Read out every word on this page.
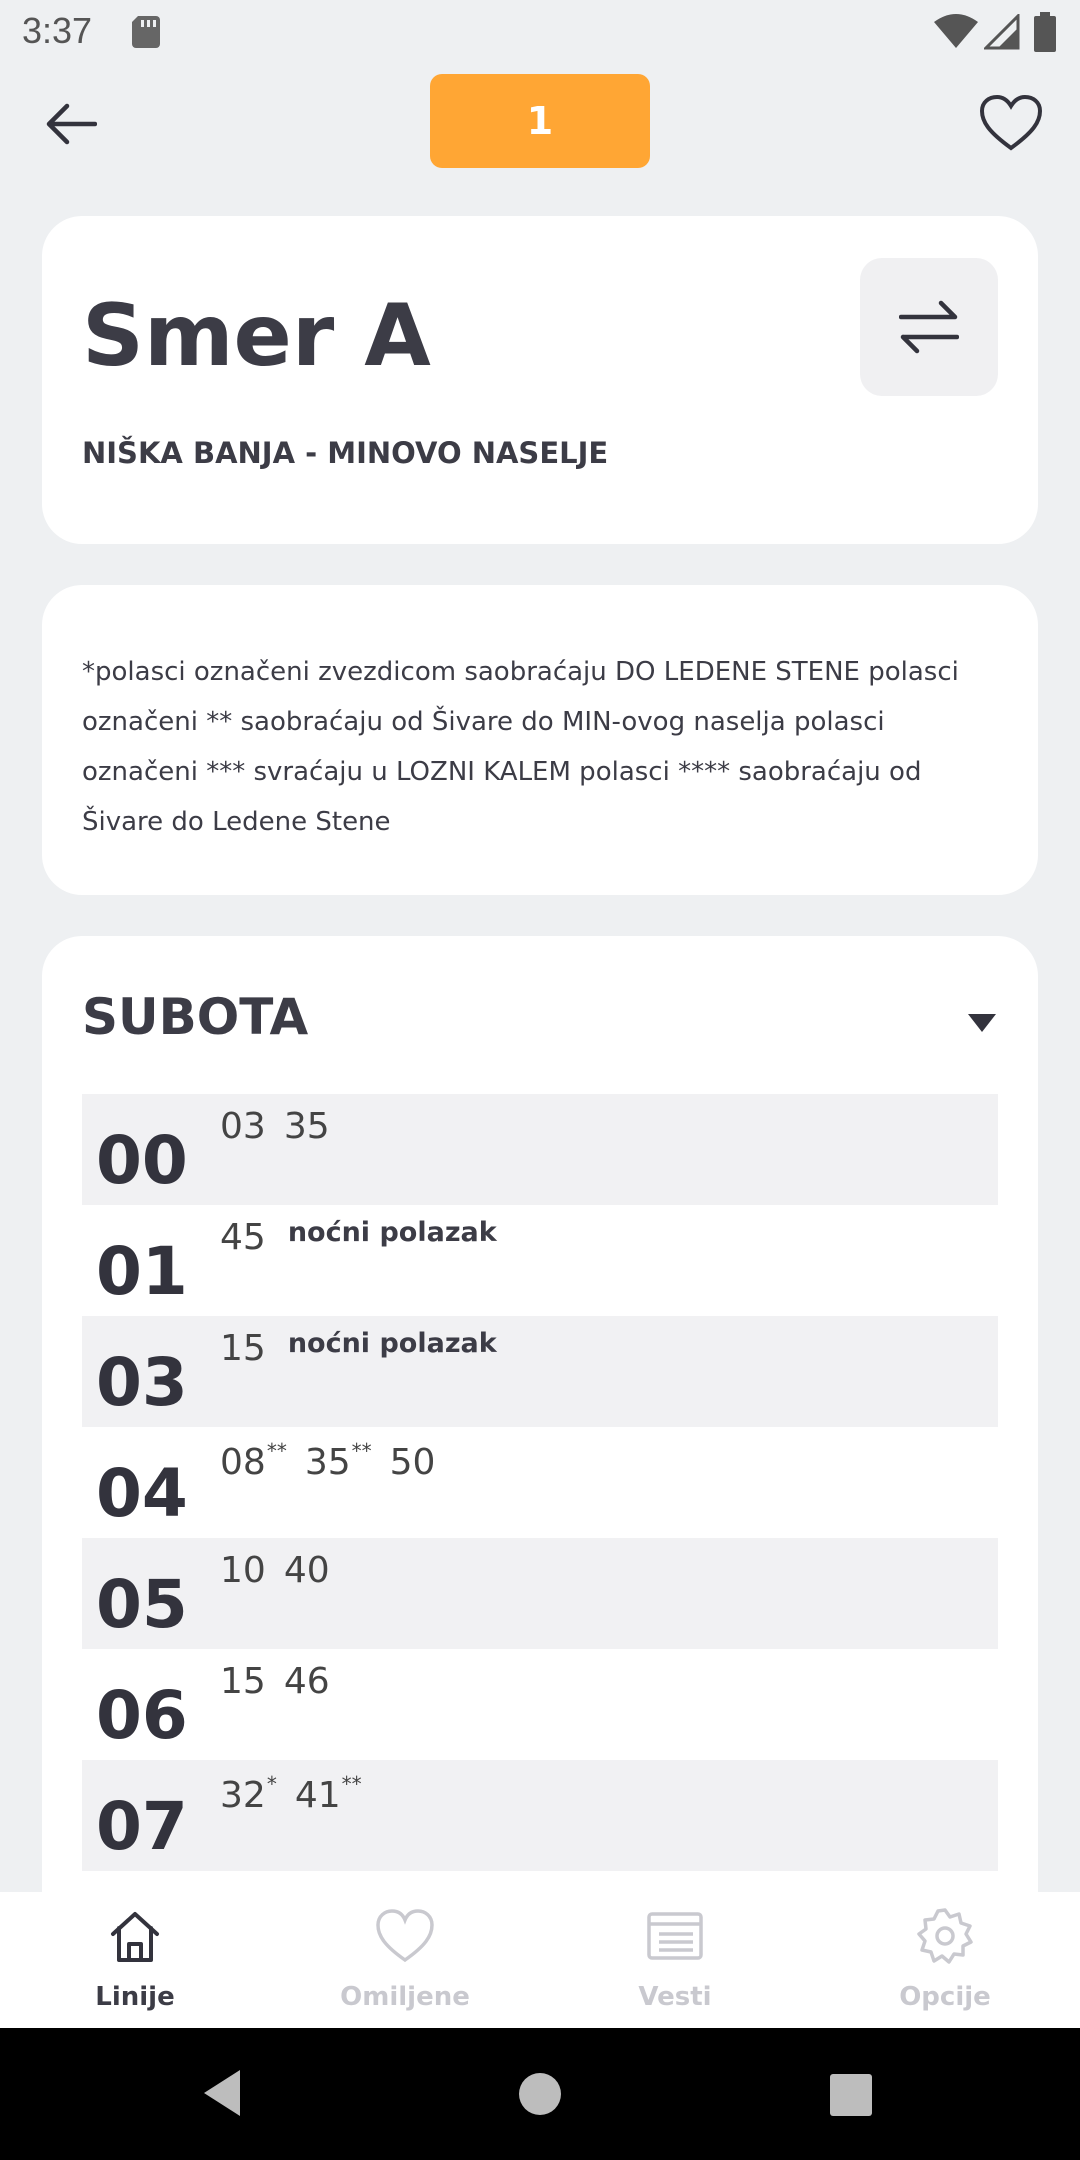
3:37
1
Smer A
NIŠKA BANJA - MINOVO NASELJE
*polasci označeni zvezdicom saobraćaju DO LEDENE STENE polasci označeni ** saobraćaju od Šivare do MIN-ovog naselja polasci označeni *** svraćaju u LOZNI KALEM polasci **** saobraćaju od Šivare do Ledene Stene
SUBOTA
00 03 35
01 45 $^{noćni polazak}$
03 15 $^{noćni polazak}$
04 08** 35** 50
05 10 40
06 15 46
07 32* 41**
Linije	Omiljene	Vesti	Opcije
